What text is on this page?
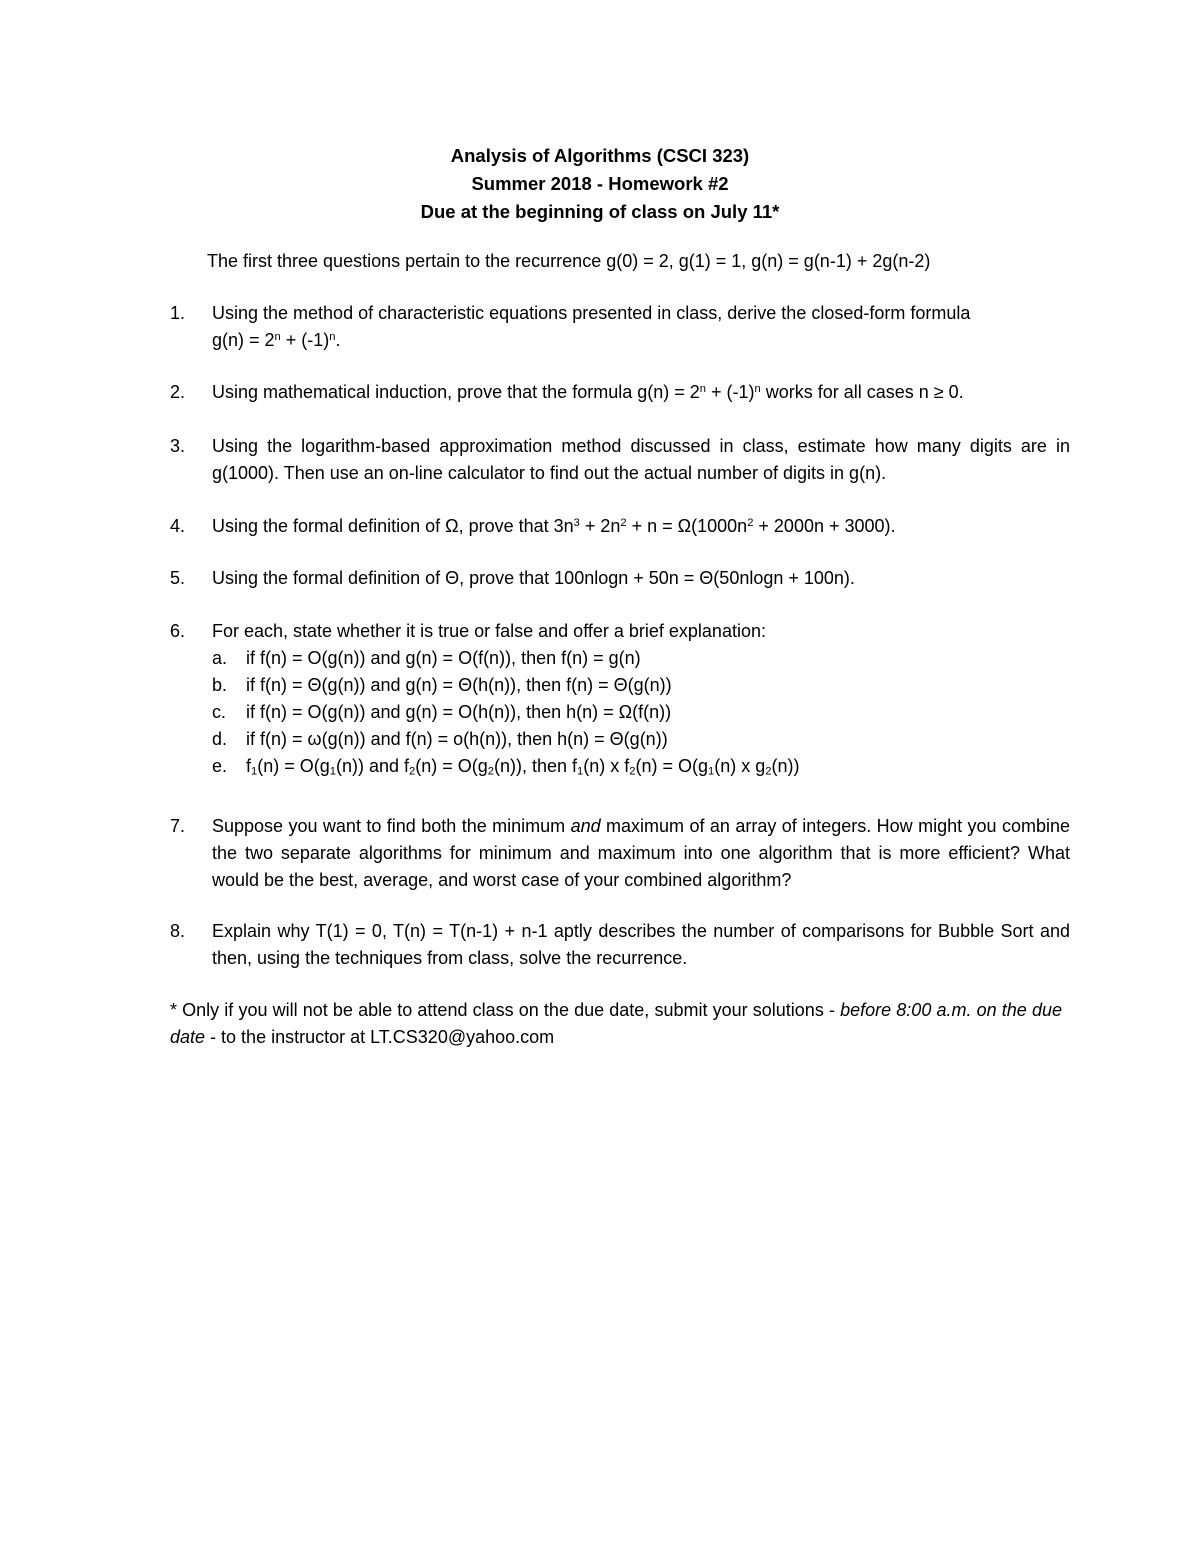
Analysis of Algorithms (CSCI 323)
Summer 2018 - Homework #2
Due at the beginning of class on July 11*
The first three questions pertain to the recurrence g(0) = 2, g(1) = 1, g(n) = g(n-1) + 2g(n-2)
1.	Using the method of characteristic equations presented in class, derive the closed-form formula
$g(n) = 2^n + (-1)^n$.
2.	Using mathematical induction, prove that the formula $g(n) = 2^n + (-1)^n$ works for all cases n ≥ 0.
3.	Using the logarithm-based approximation method discussed in class, estimate how many digits are in g(1000). Then use an on-line calculator to find out the actual number of digits in g(n).
4.	Using the formal definition of Ω, prove that $3n^3 + 2n^2 + n = \Omega(1000n^2 + 2000n + 3000)$.
5.	Using the formal definition of Θ, prove that 100nlogn + 50n = Θ(50nlogn + 100n).
6.	For each, state whether it is true or false and offer a brief explanation:
a.	if f(n) = O(g(n)) and g(n) = O(f(n)), then f(n) = g(n)
b.	if f(n) = Θ(g(n)) and g(n) = Θ(h(n)), then f(n) = Θ(g(n))
c.	if f(n) = O(g(n)) and g(n) = O(h(n)), then h(n) = Ω(f(n))
d.	if f(n) = ω(g(n)) and f(n) = o(h(n)), then h(n) = Θ(g(n))
e.	$f_1(n) = O(g_1(n))$ and $f_2(n) = O(g_2(n))$, then $f_1(n)$ x $f_2(n) = O(g_1(n)$ x $g_2(n)$)
7.	Suppose you want to find both the minimum and maximum of an array of integers. How might you combine the two separate algorithms for minimum and maximum into one algorithm that is more efficient? What would be the best, average, and worst case of your combined algorithm?
8.	Explain why T(1) = 0, T(n) = T(n-1) + n-1 aptly describes the number of comparisons for Bubble Sort and then, using the techniques from class, solve the recurrence.
* Only if you will not be able to attend class on the due date, submit your solutions - before 8:00 a.m. on the due date - to the instructor at LT.CS320@yahoo.com
